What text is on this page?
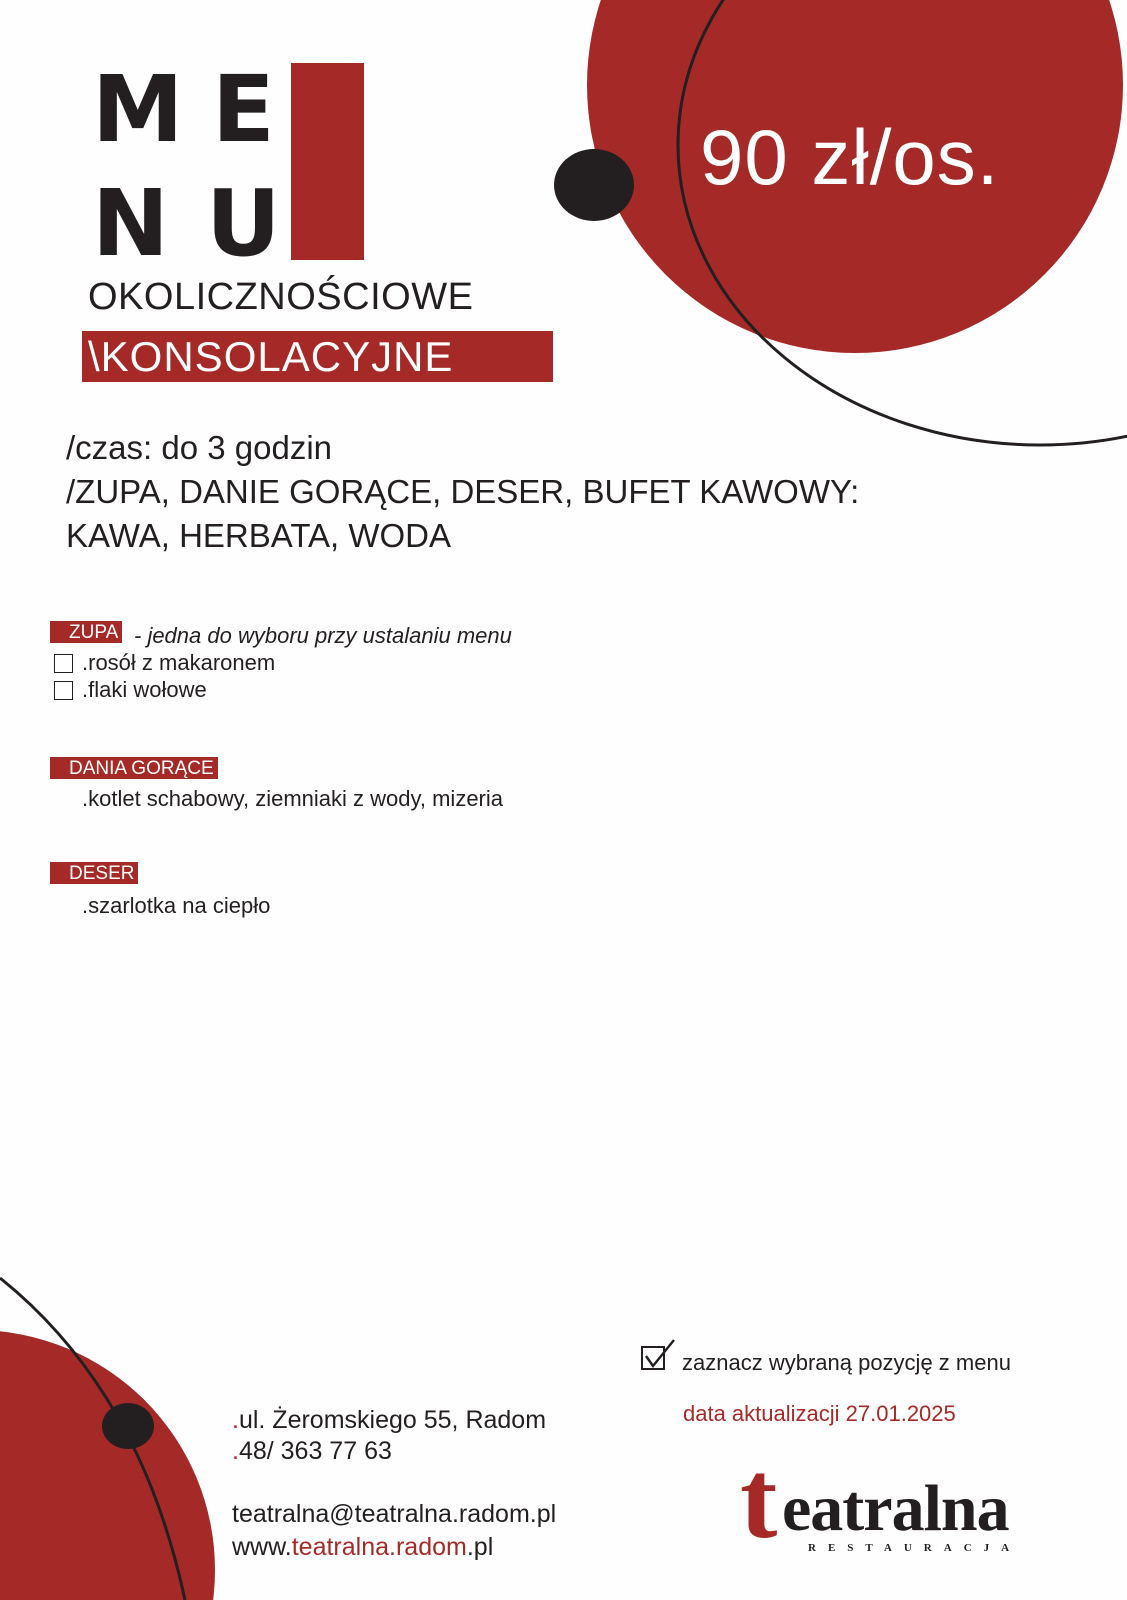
M E
N U
OKOLICZNOŚCIOWE
\KONSOLACYJNE
90 zł/os.
/czas: do 3 godzin
/ZUPA, DANIE GORĄCE, DESER, BUFET KAWOWY:
KAWA, HERBATA, WODA
ZUPA - jedna do wyboru przy ustalaniu menu
.rosół z makaronem
.flaki wołowe
DANIA GORĄCE
.kotlet schabowy, ziemniaki z wody, mizeria
DESER
.szarlotka na ciepło
.ul. Żeromskiego 55, Radom
.48/ 363 77 63
teatralna@teatralna.radom.pl
www.teatralna.radom.pl
zaznacz wybraną pozycję z menu
data aktualizacji 27.01.2025
t eatralna
RESTAURACJA
